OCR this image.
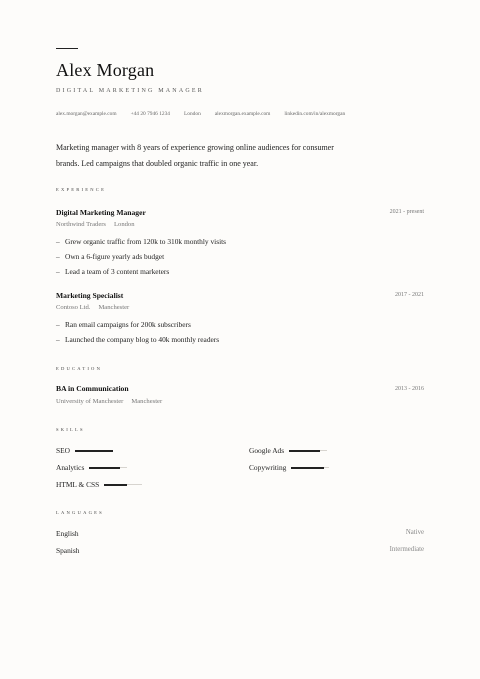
Alex Morgan
DIGITAL MARKETING MANAGER
alex.morgan@example.com	+44 20 7946 1234	London	alexmorgan.example.com	linkedin.com/in/alexmorgan
Marketing manager with 8 years of experience growing online audiences for consumer brands. Led campaigns that doubled organic traffic in one year.
EXPERIENCE
Digital Marketing Manager	2021 - present
Northwind Traders London
– Grew organic traffic from 120k to 310k monthly visits
– Own a 6-figure yearly ads budget
– Lead a team of 3 content marketers
Marketing Specialist	2017 - 2021
Contoso Ltd. Manchester
– Ran email campaigns for 200k subscribers
– Launched the company blog to 40k monthly readers
EDUCATION
BA in Communication	2013 - 2016
University of Manchester Manchester
SKILLS
SEO	Google Ads
Analytics	Copywriting
HTML & CSS
LANGUAGES
English	Native
Spanish	Intermediate
